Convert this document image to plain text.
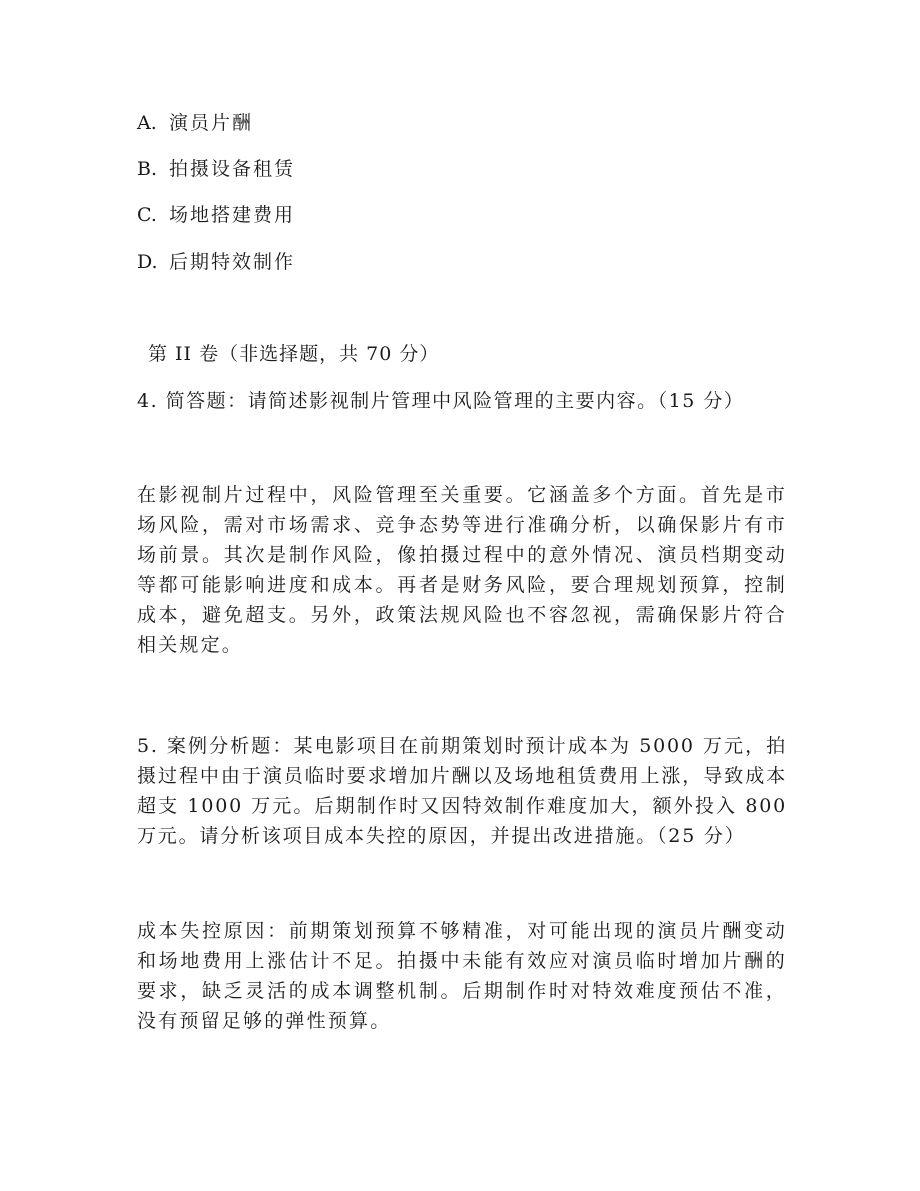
A. 演员片酬
B. 拍摄设备租赁
C. 场地搭建费用
D. 后期特效制作
第 II 卷（非选择题，共 70 分）

4. 简答题：请简述影视制片管理中风险管理的主要内容。（15 分）

在影视制片过程中，风险管理至关重要。它涵盖多个方面。首先是市场风险，需对市场需求、竞争态势等进行准确分析，以确保影片有市场前景。其次是制作风险，像拍摄过程中的意外情况、演员档期变动等都可能影响进度和成本。再者是财务风险，要合理规划预算，控制成本，避免超支。另外，政策法规风险也不容忽视，需确保影片符合相关规定。

5. 案例分析题：某电影项目在前期策划时预计成本为 5000 万元，拍摄过程中由于演员临时要求增加片酬以及场地租赁费用上涨，导致成本超支 1000 万元。后期制作时又因特效制作难度加大，额外投入 800 万元。请分析该项目成本失控的原因，并提出改进措施。（25 分）

成本失控原因：前期策划预算不够精准，对可能出现的演员片酬变动和场地费用上涨估计不足。拍摄中未能有效应对演员临时增加片酬的要求，缺乏灵活的成本调整机制。后期制作时对特效难度预估不准，没有预留足够的弹性预算。
